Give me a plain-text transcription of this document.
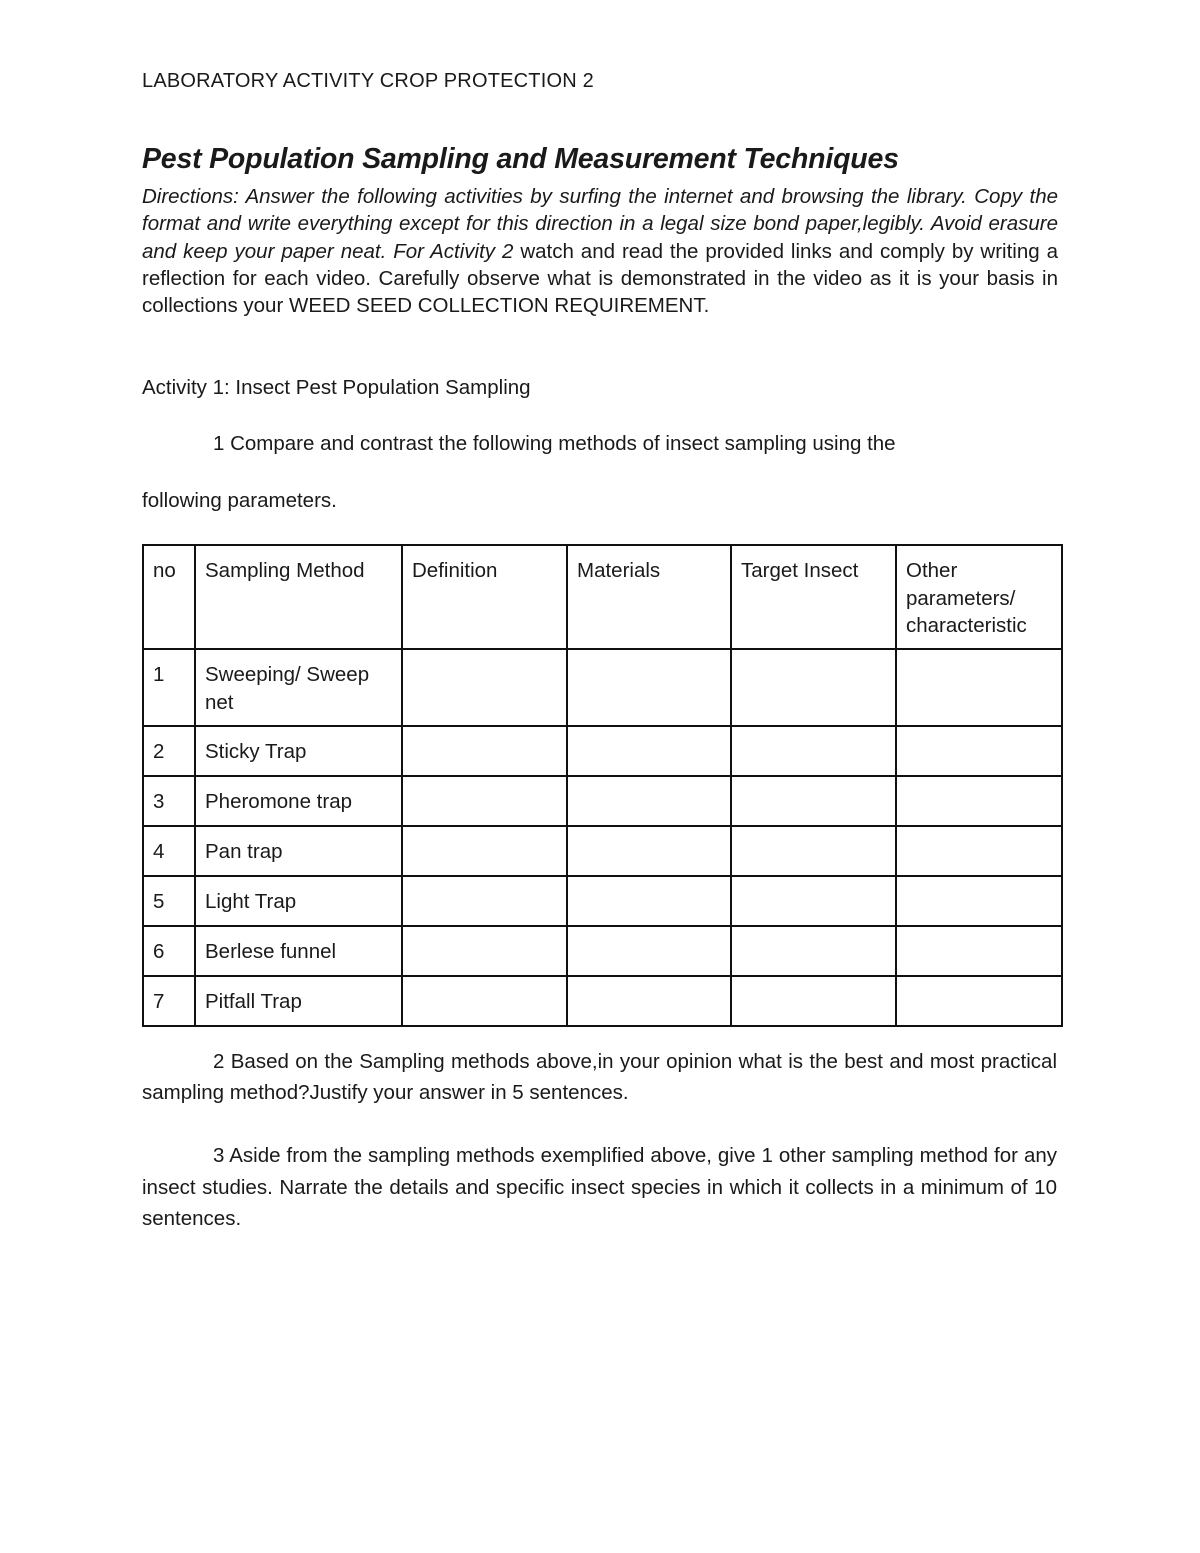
LABORATORY ACTIVITY CROP PROTECTION 2
Pest Population Sampling and Measurement Techniques
Directions: Answer the following activities by surfing the internet and browsing the library. Copy the format and write everything except for this direction in a legal size bond paper,legibly. Avoid erasure and keep your paper neat. For Activity 2 watch and read the provided links and comply by writing a reflection for each video. Carefully observe what is demonstrated in the video as it is your basis in collections your WEED SEED COLLECTION REQUIREMENT.
Activity 1: Insect Pest Population Sampling
1 Compare and contrast the following methods of insect sampling using the
following parameters.
no	Sampling Method	Definition	Materials	Target Insect	Other parameters/ characteristic
1	Sweeping/ Sweep net				
2	Sticky Trap				
3	Pheromone trap				
4	Pan trap				
5	Light Trap				
6	Berlese funnel				
7	Pitfall Trap				
2 Based on the Sampling methods above,in your opinion what is the best and most practical sampling method?Justify your answer in 5 sentences.
3 Aside from the sampling methods exemplified above, give 1 other sampling method for any insect studies. Narrate the details and specific insect species in which it collects in a minimum of 10 sentences.
